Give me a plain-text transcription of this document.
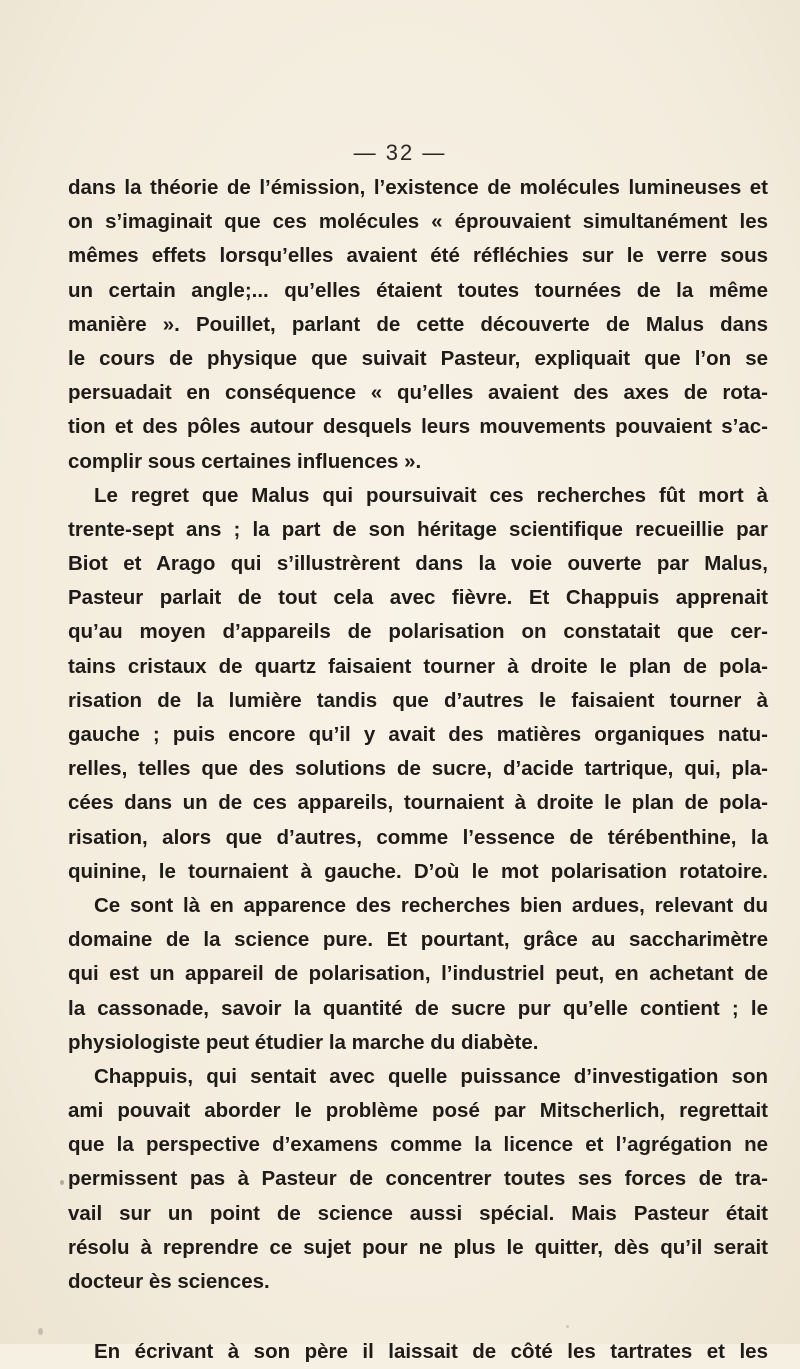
— 32 —
dans la théorie de l’émission, l’existence de molécules lumineuses et
on s’imaginait que ces molécules « éprouvaient simultanément les
mêmes effets lorsqu’elles avaient été réfléchies sur le verre sous
un certain angle;... qu’elles étaient toutes tournées de la même
manière ». Pouillet, parlant de cette découverte de Malus dans
le cours de physique que suivait Pasteur, expliquait que l’on se
persuadait en conséquence « qu’elles avaient des axes de rota-
tion et des pôles autour desquels leurs mouvements pouvaient s’ac-
complir sous certaines influences ».
Le regret que Malus qui poursuivait ces recherches fût mort à
trente-sept ans ; la part de son héritage scientifique recueillie par
Biot et Arago qui s’illustrèrent dans la voie ouverte par Malus,
Pasteur parlait de tout cela avec fièvre. Et Chappuis apprenait
qu’au moyen d’appareils de polarisation on constatait que cer-
tains cristaux de quartz faisaient tourner à droite le plan de pola-
risation de la lumière tandis que d’autres le faisaient tourner à
gauche ; puis encore qu’il y avait des matières organiques natu-
relles, telles que des solutions de sucre, d’acide tartrique, qui, pla-
cées dans un de ces appareils, tournaient à droite le plan de pola-
risation, alors que d’autres, comme l’essence de térébenthine, la
quinine, le tournaient à gauche. D’où le mot polarisation rotatoire.
Ce sont là en apparence des recherches bien ardues, relevant du
domaine de la science pure. Et pourtant, grâce au saccharimètre
qui est un appareil de polarisation, l’industriel peut, en achetant de
la cassonade, savoir la quantité de sucre pur qu’elle contient ; le
physiologiste peut étudier la marche du diabète.
Chappuis, qui sentait avec quelle puissance d’investigation son
ami pouvait aborder le problème posé par Mitscherlich, regrettait
que la perspective d’examens comme la licence et l’agrégation ne
permissent pas à Pasteur de concentrer toutes ses forces de tra-
vail sur un point de science aussi spécial. Mais Pasteur était
résolu à reprendre ce sujet pour ne plus le quitter, dès qu’il serait
docteur ès sciences.
En écrivant à son père il laissait de côté les tartrates et les
